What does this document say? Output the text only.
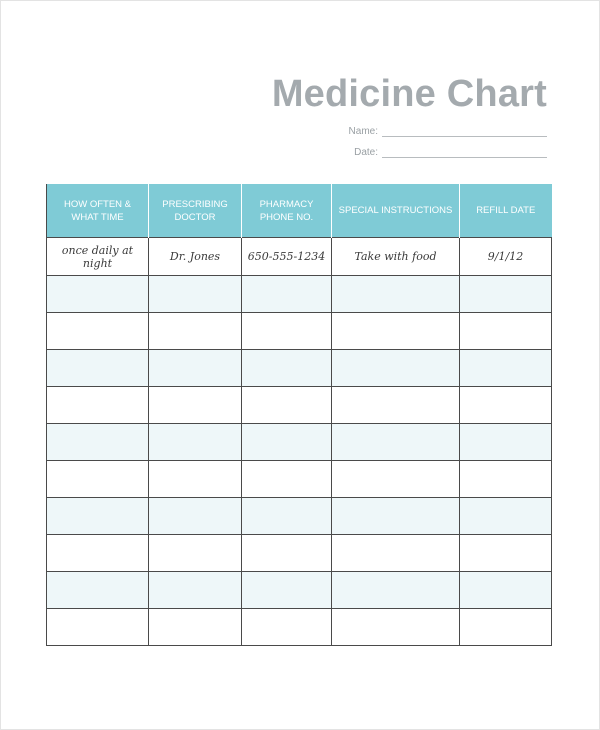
Medicine Chart
Name:
Date:
HOW OFTEN & WHAT TIME	PRESCRIBING DOCTOR	PHARMACY PHONE NO.	SPECIAL INSTRUCTIONS	REFILL DATE
once daily at night	Dr. Jones	650-555-1234	Take with food	9/1/12
